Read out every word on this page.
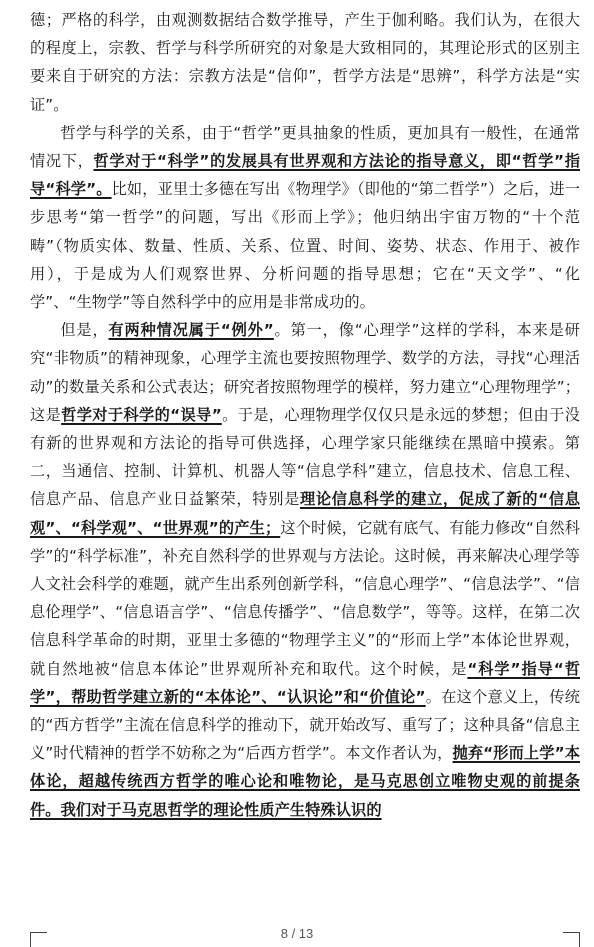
德；严格的科学，由观测数据结合数学推导，产生于伽利略。我们认为，在很大的程度上，宗教、哲学与科学所研究的对象是大致相同的，其理论形式的区别主要来自于研究的方法：宗教方法是“信仰”，哲学方法是“思辨”，科学方法是“实证”。

哲学与科学的关系，由于“哲学”更具抽象的性质，更加具有一般性，在通常情况下，哲学对于“科学”的发展具有世界观和方法论的指导意义，即“哲学”指导“科学”。比如，亚里士多德在写出《物理学》（即他的“第二哲学”）之后，进一步思考“第一哲学”的问题，写出《形而上学》；他归纳出宇宙万物的“十个范畴”（物质实体、数量、性质、关系、位置、时间、姿势、状态、作用于、被作用），于是成为人们观察世界、分析问题的指导思想；它在“天文学”、“化学”、“生物学”等自然科学中的应用是非常成功的。

但是，有两种情况属于“例外”。第一，像“心理学”这样的学科，本来是研究“非物质”的精神现象，心理学主流也要按照物理学、数学的方法，寻找“心理活动”的数量关系和公式表达；研究者按照物理学的模样，努力建立“心理物理学”；这是哲学对于科学的“误导”。于是，心理物理学仅仅只是永远的梦想；但由于没有新的世界观和方法论的指导可供选择，心理学家只能继续在黑暗中摸索。第二，当通信、控制、计算机、机器人等“信息学科”建立，信息技术、信息工程、信息产品、信息产业日益繁荣，特别是理论信息科学的建立，促成了新的“信息观”、“科学观”、“世界观”的产生；这个时候，它就有底气、有能力修改“自然科学”的“科学标准”，补充自然科学的世界观与方法论。这时候，再来解决心理学等人文社会科学的难题，就产生出系列创新学科，“信息心理学”、“信息法学”、“信息伦理学”、“信息语言学”、“信息传播学”、“信息数学”，等等。这样，在第二次信息科学革命的时期，亚里士多德的“物理学主义”的“形而上学”本体论世界观，就自然地被“信息本体论”世界观所补充和取代。这个时候，是“科学”指导“哲学”，帮助哲学建立新的“本体论”、“认识论”和“价值论”。在这个意义上，传统的“西方哲学”主流在信息科学的推动下，就开始改写、重写了；这种具备“信息主义”时代精神的哲学不妨称之为“后西方哲学”。本文作者认为，抛弃“形而上学”本体论，超越传统西方哲学的唯心论和唯物论，是马克思创立唯物史观的前提条件。我们对于马克思哲学的理论性质产生特殊认识的

8 / 13
